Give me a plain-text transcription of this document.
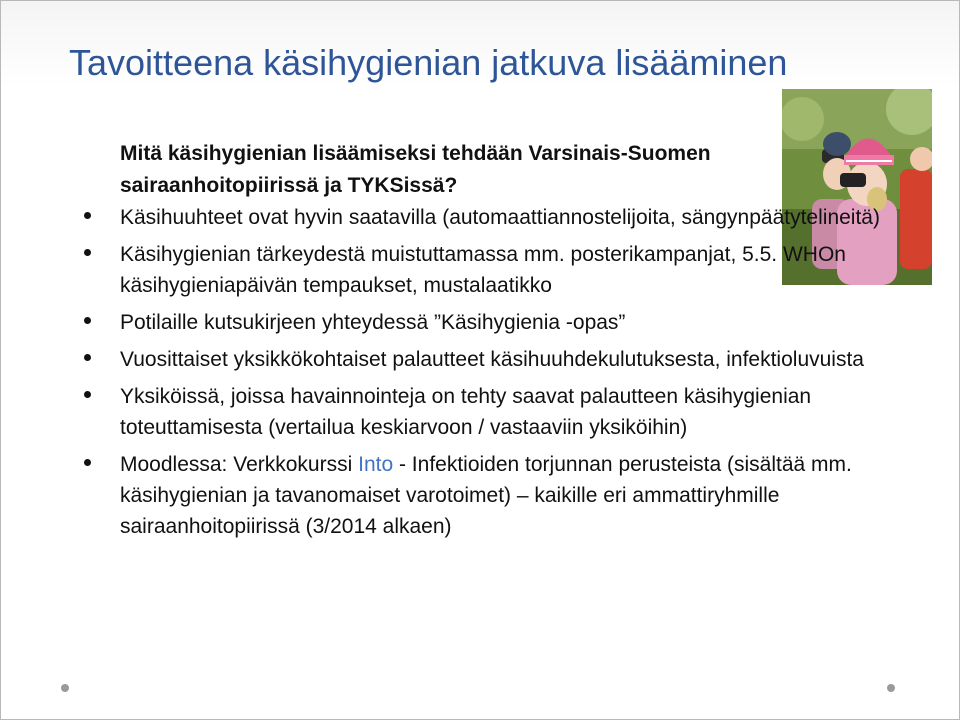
Tavoitteena käsihygienian jatkuva lisääminen
Mitä käsihygienian lisäämiseksi tehdään Varsinais-Suomen sairaanhoitopiirissä ja TYKSissä?
Käsihuuhteet ovat hyvin saatavilla (automaattiannostelijoita, sängynpäätytelineitä)
Käsihygienian tärkeydestä muistuttamassa mm. posterikampanjat, 5.5. WHOn käsihygieniapäivän tempaukset, mustalaatikko
Potilaille kutsukirjeen yhteydessä ”Käsihygienia -opas”
Vuosittaiset yksikkökohtaiset palautteet käsihuuhdekulutuksesta, infektioluvuista
Yksiköissä, joissa havainnointeja on tehty saavat palautteen käsihygienian toteuttamisesta (vertailua keskiarvoon / vastaaviin yksiköihin)
Moodlessa: Verkkokurssi Into - Infektioiden torjunnan perusteista (sisältää mm. käsihygienian ja tavanomaiset varotoimet) – kaikille eri ammattiryhmille sairaanhoitopiirissä (3/2014 alkaen)
